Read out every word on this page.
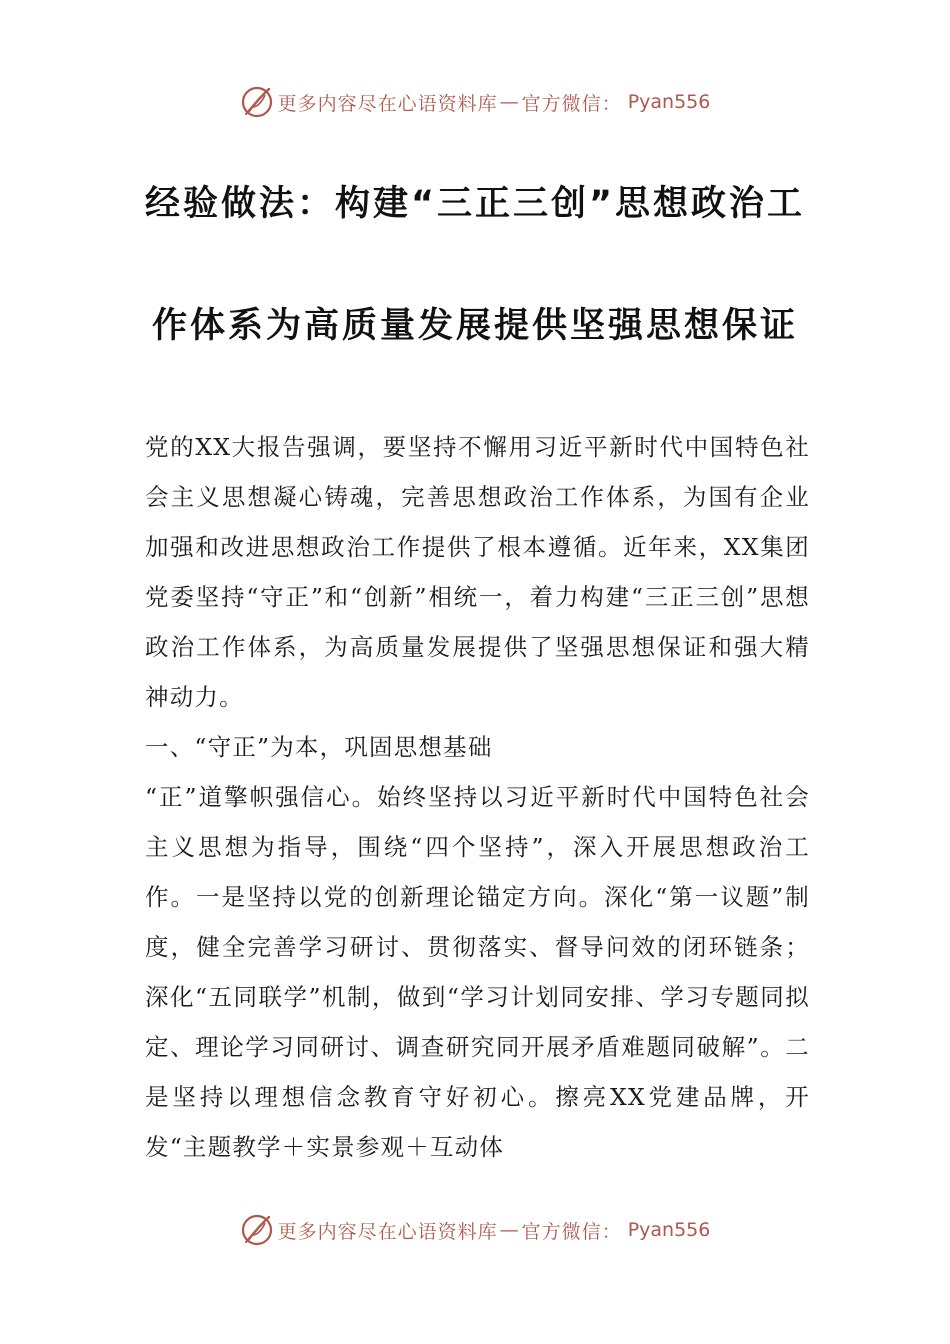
更多内容尽在心语资料库 — 官方微信： Pyan556
经验做法：构建“三正三创”思想政治工
作体系为高质量发展提供坚强思想保证

党的XX大报告强调，要坚持不懈用习近平新时代中国特色社会主义思想凝心铸魂，完善思想政治工作体系，为国有企业加强和改进思想政治工作提供了根本遵循。近年来，XX集团党委坚持“守正”和“创新”相统一，着力构建“三正三创”思想政治工作体系，为高质量发展提供了坚强思想保证和强大精神动力。

一、“守正”为本，巩固思想基础

“正”道擎帜强信心。始终坚持以习近平新时代中国特色社会主义思想为指导，围绕“四个坚持”，深入开展思想政治工作。一是坚持以党的创新理论锚定方向。深化“第一议题”制度，健全完善学习研讨、贯彻落实、督导问效的闭环链条；深化“五同联学”机制，做到“学习计划同安排、学习专题同拟定、理论学习同研讨、调查研究同开展矛盾难题同破解”。二是坚持以理想信念教育守好初心。擦亮XX党建品牌，开发“主题教学＋实景参观＋互动体

更多内容尽在心语资料库 — 官方微信： Pyan556
